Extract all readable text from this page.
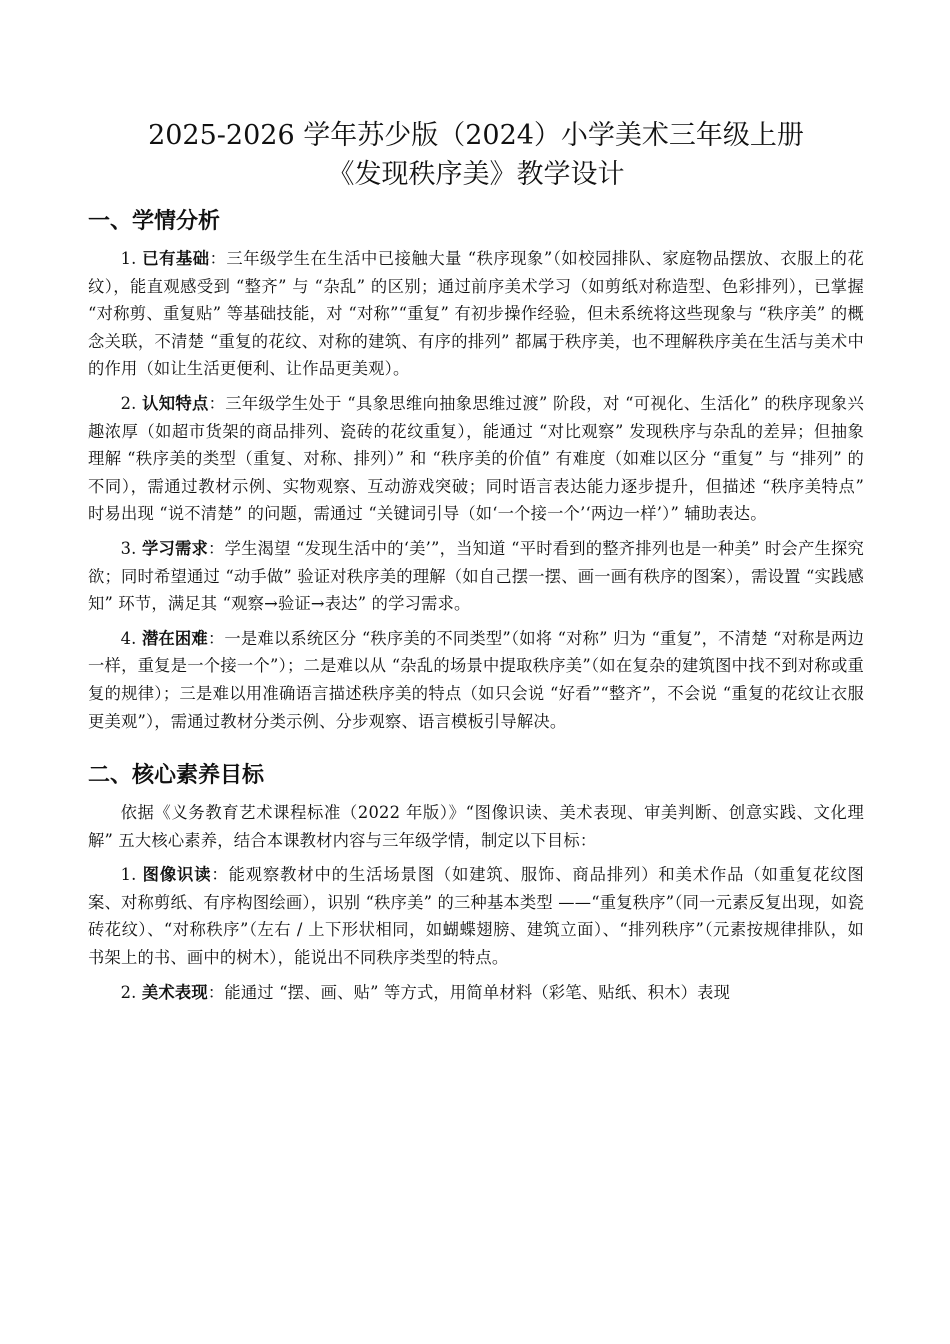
2025-2026 学年苏少版（2024）小学美术三年级上册
《发现秩序美》教学设计
一、学情分析

1. 已有基础：三年级学生在生活中已接触大量 “秩序现象”（如校园排队、家庭物品摆放、衣服上的花纹），能直观感受到 “整齐” 与 “杂乱” 的区别；通过前序美术学习（如剪纸对称造型、色彩排列），已掌握 “对称剪、重复贴” 等基础技能，对 “对称”“重复” 有初步操作经验，但未系统将这些现象与 “秩序美” 的概念关联，不清楚 “重复的花纹、对称的建筑、有序的排列” 都属于秩序美，也不理解秩序美在生活与美术中的作用（如让生活更便利、让作品更美观）。

2. 认知特点：三年级学生处于 “具象思维向抽象思维过渡” 阶段，对 “可视化、生活化” 的秩序现象兴趣浓厚（如超市货架的商品排列、瓷砖的花纹重复），能通过 “对比观察” 发现秩序与杂乱的差异；但抽象理解 “秩序美的类型（重复、对称、排列）” 和 “秩序美的价值” 有难度（如难以区分 “重复” 与 “排列” 的不同），需通过教材示例、实物观察、互动游戏突破；同时语言表达能力逐步提升，但描述 “秩序美特点” 时易出现 “说不清楚” 的问题，需通过 “关键词引导（如‘一个接一个’‘两边一样’）” 辅助表达。

3. 学习需求：学生渴望 “发现生活中的‘美’”，当知道 “平时看到的整齐排列也是一种美” 时会产生探究欲；同时希望通过 “动手做” 验证对秩序美的理解（如自己摆一摆、画一画有秩序的图案），需设置 “实践感知” 环节，满足其 “观察→验证→表达” 的学习需求。

4. 潜在困难：一是难以系统区分 “秩序美的不同类型”（如将 “对称” 归为 “重复”，不清楚 “对称是两边一样，重复是一个接一个”）；二是难以从 “杂乱的场景中提取秩序美”（如在复杂的建筑图中找不到对称或重复的规律）；三是难以用准确语言描述秩序美的特点（如只会说 “好看”“整齐”，不会说 “重复的花纹让衣服更美观”），需通过教材分类示例、分步观察、语言模板引导解决。

二、核心素养目标

依据《义务教育艺术课程标准（2022 年版）》“图像识读、美术表现、审美判断、创意实践、文化理解” 五大核心素养，结合本课教材内容与三年级学情，制定以下目标：

1. 图像识读：能观察教材中的生活场景图（如建筑、服饰、商品排列）和美术作品（如重复花纹图案、对称剪纸、有序构图绘画），识别 “秩序美” 的三种基本类型 ——“重复秩序”（同一元素反复出现，如瓷砖花纹）、“对称秩序”（左右 / 上下形状相同，如蝴蝶翅膀、建筑立面）、“排列秩序”（元素按规律排队，如书架上的书、画中的树木），能说出不同秩序类型的特点。

2. 美术表现：能通过 “摆、画、贴” 等方式，用简单材料（彩笔、贴纸、积木）表现
